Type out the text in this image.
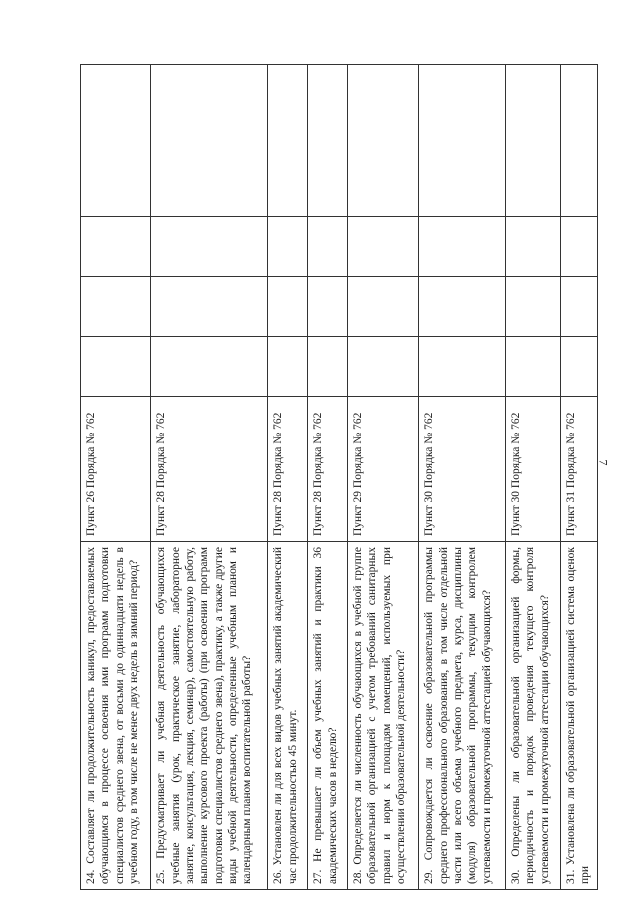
7
24. Составляет ли продолжительность каникул, предоставляемых обучающимся в процессе освоения ими программ подготовки специалистов среднего звена, от восьми до одиннадцати недель в учебном году, в том числе не менее двух недель в зимний период?	Пункт 26 Порядка № 762				
25. Предусматривает ли учебная деятельность обучающихся учебные занятия (урок, практическое занятие, лабораторное занятие, консультация, лекция, семинар), самостоятельную работу, выполнение курсового проекта (работы) (при освоении программ подготовки специалистов среднего звена), практику, а также другие виды учебной деятельности, определенные учебным планом и календарным планом воспитательной работы?	Пункт 28 Порядка № 762				
26. Установлен ли для всех видов учебных занятий академический час продолжительностью 45 минут.	Пункт 28 Порядка № 762				
27. Не превышает ли объем учебных занятий и практики 36 академических часов в неделю?	Пункт 28 Порядка № 762				
28. Определяется ли численность обучающихся в учебной группе образовательной организацией с учетом требований санитарных правил и норм к площадям помещений, используемых при осуществлении образовательной деятельности?	Пункт 29 Порядка № 762				
29. Сопровождается ли освоение образовательной программы среднего профессионального образования, в том числе отдельной части или всего объема учебного предмета, курса, дисциплины (модуля) образовательной программы, текущим контролем успеваемости и промежуточной аттестацией обучающихся?	Пункт 30 Порядка № 762				
30. Определены ли образовательной организацией формы, периодичность и порядок проведения текущего контроля успеваемости и промежуточной аттестации обучающихся?	Пункт 30 Порядка № 762				
31. Установлена ли образовательной организацией система оценок при	Пункт 31 Порядка № 762				
